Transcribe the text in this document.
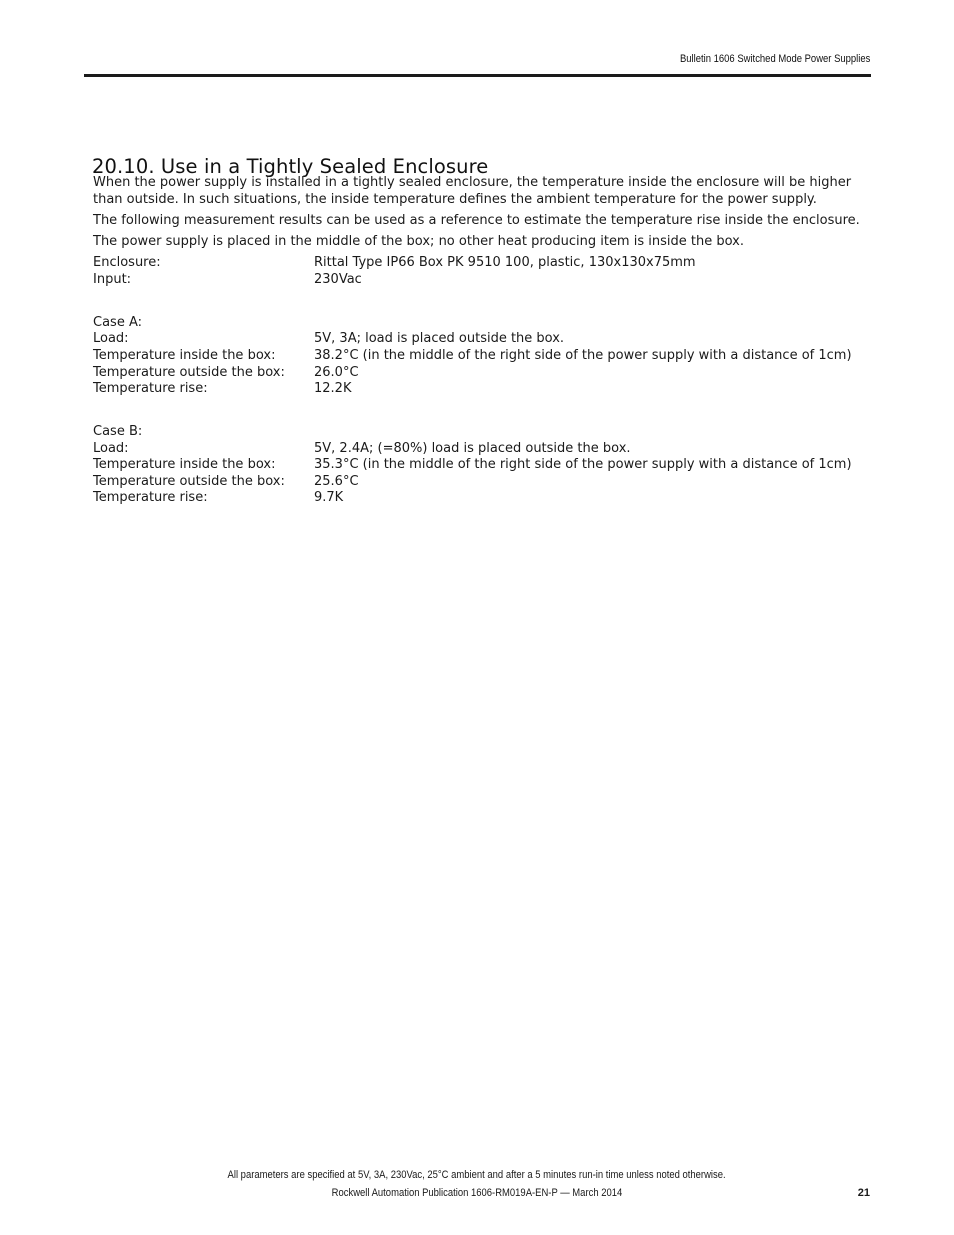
Bulletin 1606 Switched Mode Power Supplies
20.10. Use in a Tightly Sealed Enclosure
When the power supply is installed in a tightly sealed enclosure, the temperature inside the enclosure will be higher
than outside. In such situations, the inside temperature defines the ambient temperature for the power supply.
The following measurement results can be used as a reference to estimate the temperature rise inside the enclosure.
The power supply is placed in the middle of the box; no other heat producing item is inside the box.
Enclosure:	Rittal Type IP66 Box PK 9510 100, plastic, 130x130x75mm
Input:	230Vac
Case A:
Load:	5V, 3A; load is placed outside the box.
Temperature inside the box:	38.2°C (in the middle of the right side of the power supply with a distance of 1cm)
Temperature outside the box: 26.0°C
Temperature rise:	12.2K
Case B:
Load:	5V, 2.4A; (=80%) load is placed outside the box.
Temperature inside the box:	35.3°C (in the middle of the right side of the power supply with a distance of 1cm)
Temperature outside the box: 25.6°C
Temperature rise:	9.7K
All parameters are specified at 5V, 3A, 230Vac, 25°C ambient and after a 5 minutes run-in time unless noted otherwise.
Rockwell Automation Publication 1606-RM019A-EN-P — March 2014	21
